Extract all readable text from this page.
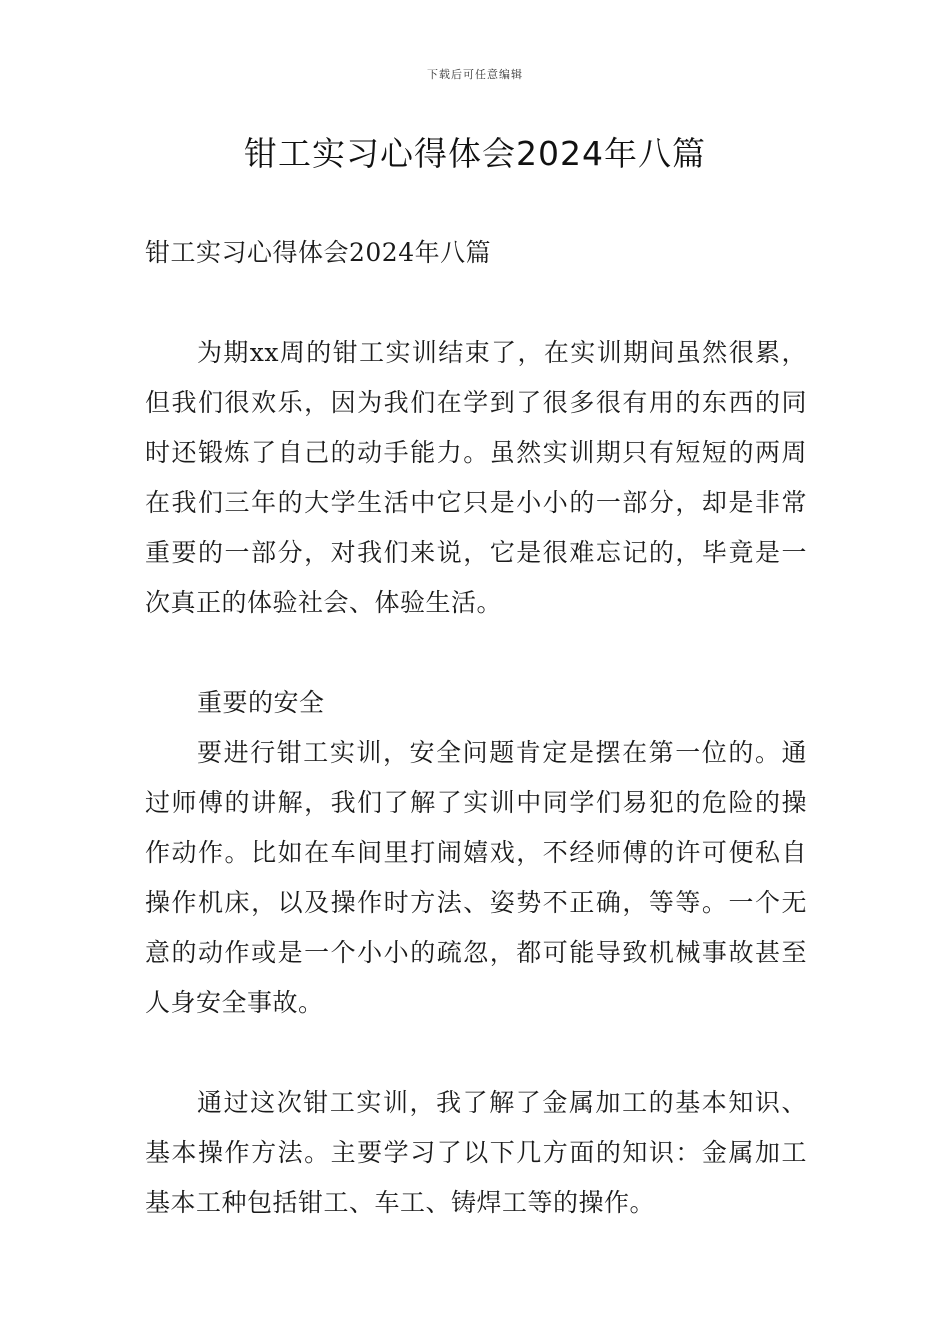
下载后可任意编辑
钳工实习心得体会2024年八篇

钳工实习心得体会2024年八篇

为期xx周的钳工实训结束了，在实训期间虽然很累，但我们很欢乐，因为我们在学到了很多很有用的东西的同时还锻炼了自己的动手能力。虽然实训期只有短短的两周在我们三年的大学生活中它只是小小的一部分，却是非常重要的一部分，对我们来说，它是很难忘记的，毕竟是一次真正的体验社会、体验生活。

重要的安全

要进行钳工实训，安全问题肯定是摆在第一位的。通过师傅的讲解，我们了解了实训中同学们易犯的危险的操作动作。比如在车间里打闹嬉戏，不经师傅的许可便私自操作机床，以及操作时方法、姿势不正确，等等。一个无意的动作或是一个小小的疏忽，都可能导致机械事故甚至人身安全事故。

通过这次钳工实训，我了解了金属加工的基本知识、基本操作方法。主要学习了以下几方面的知识：金属加工基本工种包括钳工、车工、铸焊工等的操作。
